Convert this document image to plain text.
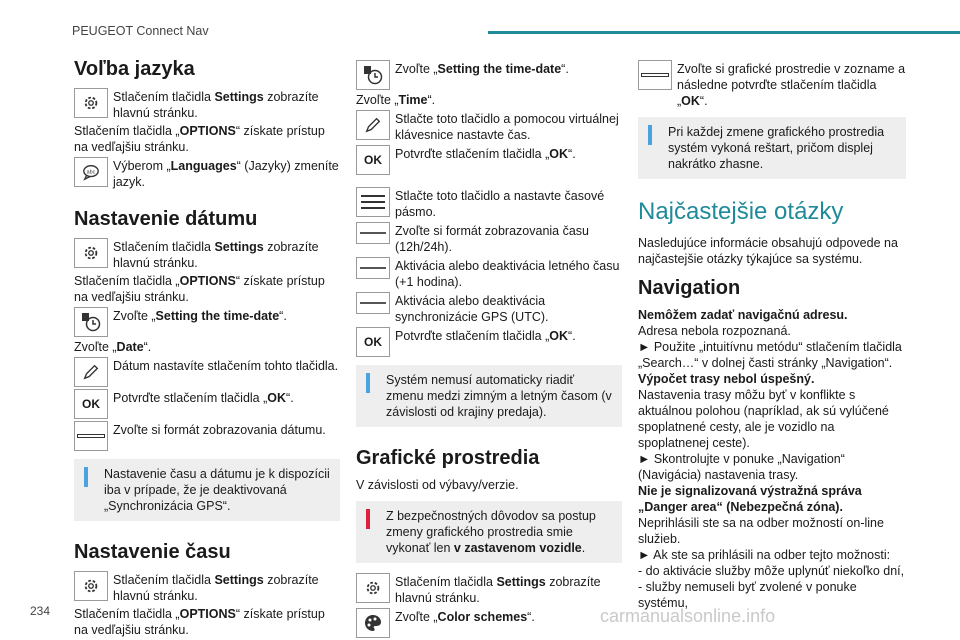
PEUGEOT Connect Nav
Voľba jazyka
Stlačením tlačidla Settings zobrazíte hlavnú stránku.

Stlačením tlačidla „OPTIONS“ získate prístup na vedľajšiu stránku.

abc Výberom „Languages“ (Jazyky) zmeníte jazyk.
Nastavenie dátumu
Stlačením tlačidla Settings zobrazíte hlavnú stránku.

Stlačením tlačidla „OPTIONS“ získate prístup na vedľajšiu stránku.

Zvoľte „Setting the time-date“.

Zvoľte „Date“.

Dátum nastavíte stlačením tohto tlačidla.
OK Potvrďte stlačením tlačidla „OK“.
Zvoľte si formát zobrazovania dátumu.
Nastavenie času a dátumu je k dispozícii iba v prípade, že je deaktivovaná „Synchronizácia GPS“.
Nastavenie času
Stlačením tlačidla Settings zobrazíte hlavnú stránku.

Stlačením tlačidla „OPTIONS“ získate prístup na vedľajšiu stránku.

Zvoľte „Setting the time-date“.

Zvoľte „Time“.

Stlačte toto tlačidlo a pomocou virtuálnej klávesnice nastavte čas.
OK Potvrďte stlačením tlačidla „OK“.
Stlačte toto tlačidlo a nastavte časové pásmo.
Zvoľte si formát zobrazovania času (12h/24h).
Aktivácia alebo deaktivácia letného času (+1 hodina).
Aktivácia alebo deaktivácia synchronizácie GPS (UTC).
OK Potvrďte stlačením tlačidla „OK“.
Systém nemusí automaticky riadiť zmenu medzi zimným a letným časom (v závislosti od krajiny predaja).
Grafické prostredia

V závislosti od výbavy/verzie.

Z bezpečnostných dôvodov sa postup zmeny grafického prostredia smie vykonať len v zastavenom vozidle.
Stlačením tlačidla Settings zobrazíte hlavnú stránku.
Zvoľte „Color schemes“.
Zvoľte si grafické prostredie v zozname a následne potvrďte stlačením tlačidla „OK“.
Pri každej zmene grafického prostredia systém vykoná reštart, pričom displej nakrátko zhasne.
Najčastejšie otázky

Nasledujúce informácie obsahujú odpovede na najčastejšie otázky týkajúce sa systému.

Navigation

Nemôžem zadať navigačnú adresu.

Adresa nebola rozpoznaná.

► Použite „intuitívnu metódu“ stlačením tlačidla „Search…“ v dolnej časti stránky „Navigation“.

Výpočet trasy nebol úspešný.

Nastavenia trasy môžu byť v konflikte s aktuálnou polohou (napríklad, ak sú vylúčené spoplatnené cesty, ale je vozidlo na spoplatnenej ceste).

► Skontrolujte v ponuke „Navigation“ (Navigácia) nastavenia trasy.

Nie je signalizovaná výstražná správa „Danger area“ (Nebezpečná zóna).

Neprihlásili ste sa na odber možností on-line služieb.

► Ak ste sa prihlásili na odber tejto možnosti:

- do aktivácie služby môže uplynúť niekoľko dní,

- služby nemuseli byť zvolené v ponuke systému,

234	carmanualsonline.info
